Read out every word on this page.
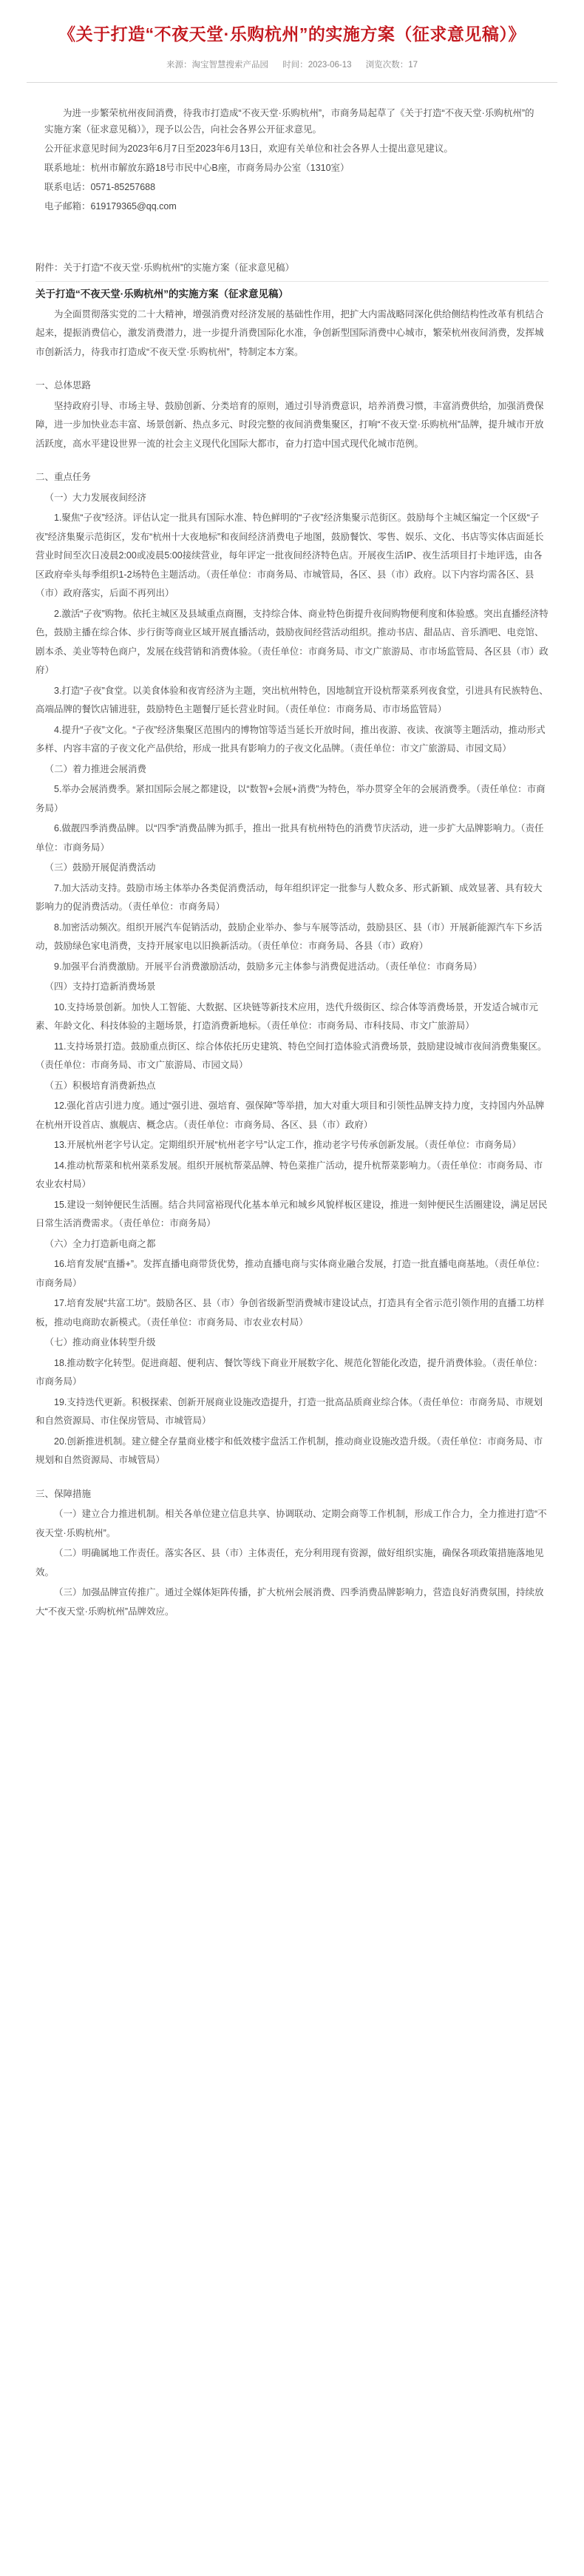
《关于打造“不夜天堂·乐购杭州”的实施方案（征求意见稿）》
来源：淘宝智慧搜索产品园 时间：2023-06-13 浏览次数：17

为进一步繁荣杭州夜间消费，待我市打造成“不夜天堂·乐购杭州”，市商务局起草了《关于打造“不夜天堂·乐购杭州”的实施方案（征求意见稿）》，现予以公告，向社会各界公开征求意见。

公开征求意见时间为2023年6月7日至2023年6月13日，欢迎有关单位和社会各界人士提出意见建议。

联系地址：杭州市解放东路18号市民中心B座，市商务局办公室（1310室）

联系电话：0571-85257688

电子邮箱：619179365@qq.com

附件：关于打造“不夜天堂·乐购杭州”的实施方案（征求意见稿）
关于打造“不夜天堂·乐购杭州”的实施方案（征求意见稿）

为全面贯彻落实党的二十大精神，增强消费对经济发展的基础性作用，把扩大内需战略同深化供给侧结构性改革有机结合起来，提振消费信心，激发消费潜力，进一步提升消费国际化水准，争创新型国际消费中心城市，繁荣杭州夜间消费，发挥城市创新活力，待我市打造成“不夜天堂·乐购杭州”，特制定本方案。

一、总体思路

坚持政府引导、市场主导、鼓励创新、分类培育的原则，通过引导消费意识，培养消费习惯，丰富消费供给，加强消费保障，进一步加快业态丰富、场景创新、热点多元、时段完整的夜间消费集聚区，打响“不夜天堂·乐购杭州”品牌，提升城市开放活跃度，高水平建设世界一流的社会主义现代化国际大都市，奋力打造中国式现代化城市范例。

二、重点任务

（一）大力发展夜间经济

1.聚焦“子夜”经济。评估认定一批具有国际水准、特色鲜明的“子夜”经济集聚示范街区。鼓励每个主城区编定一个区级“子夜”经济集聚示范街区，发布“杭州十大夜地标”和夜间经济消费电子地图，鼓励餐饮、零售、娱乐、文化、书店等实体店面延长营业时间至次日凌晨2:00或凌晨5:00接续营业，每年评定一批夜间经济特色店。开展夜生活IP、夜生活项目打卡地评选，由各区政府牵头每季组织1-2场特色主题活动。（责任单位：市商务局、市城管局，各区、县（市）政府。以下内容均需各区、县（市）政府落实，后面不再列出）

2.激活“子夜”购物。依托主城区及县域重点商圈，支持综合体、商业特色街提升夜间购物便利度和体验感。突出直播经济特色，鼓励主播在综合体、步行街等商业区域开展直播活动，鼓励夜间经营活动组织。推动书店、甜品店、音乐酒吧、电竞馆、剧本杀、美业等特色商户，发展在线营销和消费体验。（责任单位：市商务局、市文广旅游局、市市场监管局、各区县（市）政府）

3.打造“子夜”食堂。以美食体验和夜宵经济为主题，突出杭州特色，因地制宜开设杭帮菜系列夜食堂，引进具有民族特色、高端品牌的餐饮店铺进驻，鼓励特色主题餐厅延长营业时间。（责任单位：市商务局、市市场监管局）

4.提升“子夜”文化。“子夜”经济集聚区范围内的博物馆等适当延长开放时间，推出夜游、夜读、夜演等主题活动，推动形式多样、内容丰富的子夜文化产品供给，形成一批具有影响力的子夜文化品牌。（责任单位：市文广旅游局、市园文局）

（二）着力推进会展消费

5.举办会展消费季。紧扣国际会展之都建设，以“数智+会展+消费”为特色，举办贯穿全年的会展消费季。（责任单位：市商务局）

6.做靓四季消费品牌。以“四季”消费品牌为抓手，推出一批具有杭州特色的消费节庆活动，进一步扩大品牌影响力。（责任单位：市商务局）

（三）鼓励开展促消费活动

7.加大活动支持。鼓励市场主体举办各类促消费活动，每年组织评定一批参与人数众多、形式新颖、成效显著、具有较大影响力的促消费活动。（责任单位：市商务局）

8.加密活动频次。组织开展汽车促销活动，鼓励企业举办、参与车展等活动，鼓励县区、县（市）开展新能源汽车下乡活动，鼓励绿色家电消费，支持开展家电以旧换新活动。（责任单位：市商务局、各县（市）政府）

9.加强平台消费激励。开展平台消费激励活动，鼓励多元主体参与消费促进活动。（责任单位：市商务局）

（四）支持打造新消费场景

10.支持场景创新。加快人工智能、大数据、区块链等新技术应用，迭代升级街区、综合体等消费场景，开发适合城市元素、年龄文化、科技体验的主题场景，打造消费新地标。（责任单位：市商务局、市科技局、市文广旅游局）

11.支持场景打造。鼓励重点街区、综合体依托历史建筑、特色空间打造体验式消费场景，鼓励建设城市夜间消费集聚区。（责任单位：市商务局、市文广旅游局、市园文局）

（五）积极培育消费新热点

12.强化首店引进力度。通过“强引进、强培育、强保障”等举措，加大对重大项目和引领性品牌支持力度，支持国内外品牌在杭州开设首店、旗舰店、概念店。（责任单位：市商务局、各区、县（市）政府）

13.开展杭州老字号认定。定期组织开展“杭州老字号”认定工作，推动老字号传承创新发展。（责任单位：市商务局）

14.推动杭帮菜和杭州菜系发展。组织开展杭帮菜品牌、特色菜推广活动，提升杭帮菜影响力。（责任单位：市商务局、市农业农村局）

15.建设一刻钟便民生活圈。结合共同富裕现代化基本单元和城乡风貌样板区建设，推进一刻钟便民生活圈建设，满足居民日常生活消费需求。（责任单位：市商务局）

（六）全力打造新电商之都

16.培育发展“直播+”。发挥直播电商带货优势，推动直播电商与实体商业融合发展，打造一批直播电商基地。（责任单位：市商务局）

17.培育发展“共富工坊”。鼓励各区、县（市）争创省级新型消费城市建设试点，打造具有全省示范引领作用的直播工坊样板，推动电商助农新模式。（责任单位：市商务局、市农业农村局）

（七）推动商业体转型升级

18.推动数字化转型。促进商超、便利店、餐饮等线下商业开展数字化、规范化智能化改造，提升消费体验。（责任单位：市商务局）

19.支持迭代更新。积极探索、创新开展商业设施改造提升，打造一批高品质商业综合体。（责任单位：市商务局、市规划和自然资源局、市住保房管局、市城管局）

20.创新推进机制。建立健全存量商业楼宇和低效楼宇盘活工作机制，推动商业设施改造升级。（责任单位：市商务局、市规划和自然资源局、市城管局）

三、保障措施

（一）建立合力推进机制。相关各单位建立信息共享、协调联动、定期会商等工作机制，形成工作合力，全力推进打造“不夜天堂·乐购杭州”。

（二）明确属地工作责任。落实各区、县（市）主体责任，充分利用现有资源，做好组织实施，确保各项政策措施落地见效。

（三）加强品牌宣传推广。通过全媒体矩阵传播，扩大杭州会展消费、四季消费品牌影响力，营造良好消费氛围，持续放大“不夜天堂·乐购杭州”品牌效应。
